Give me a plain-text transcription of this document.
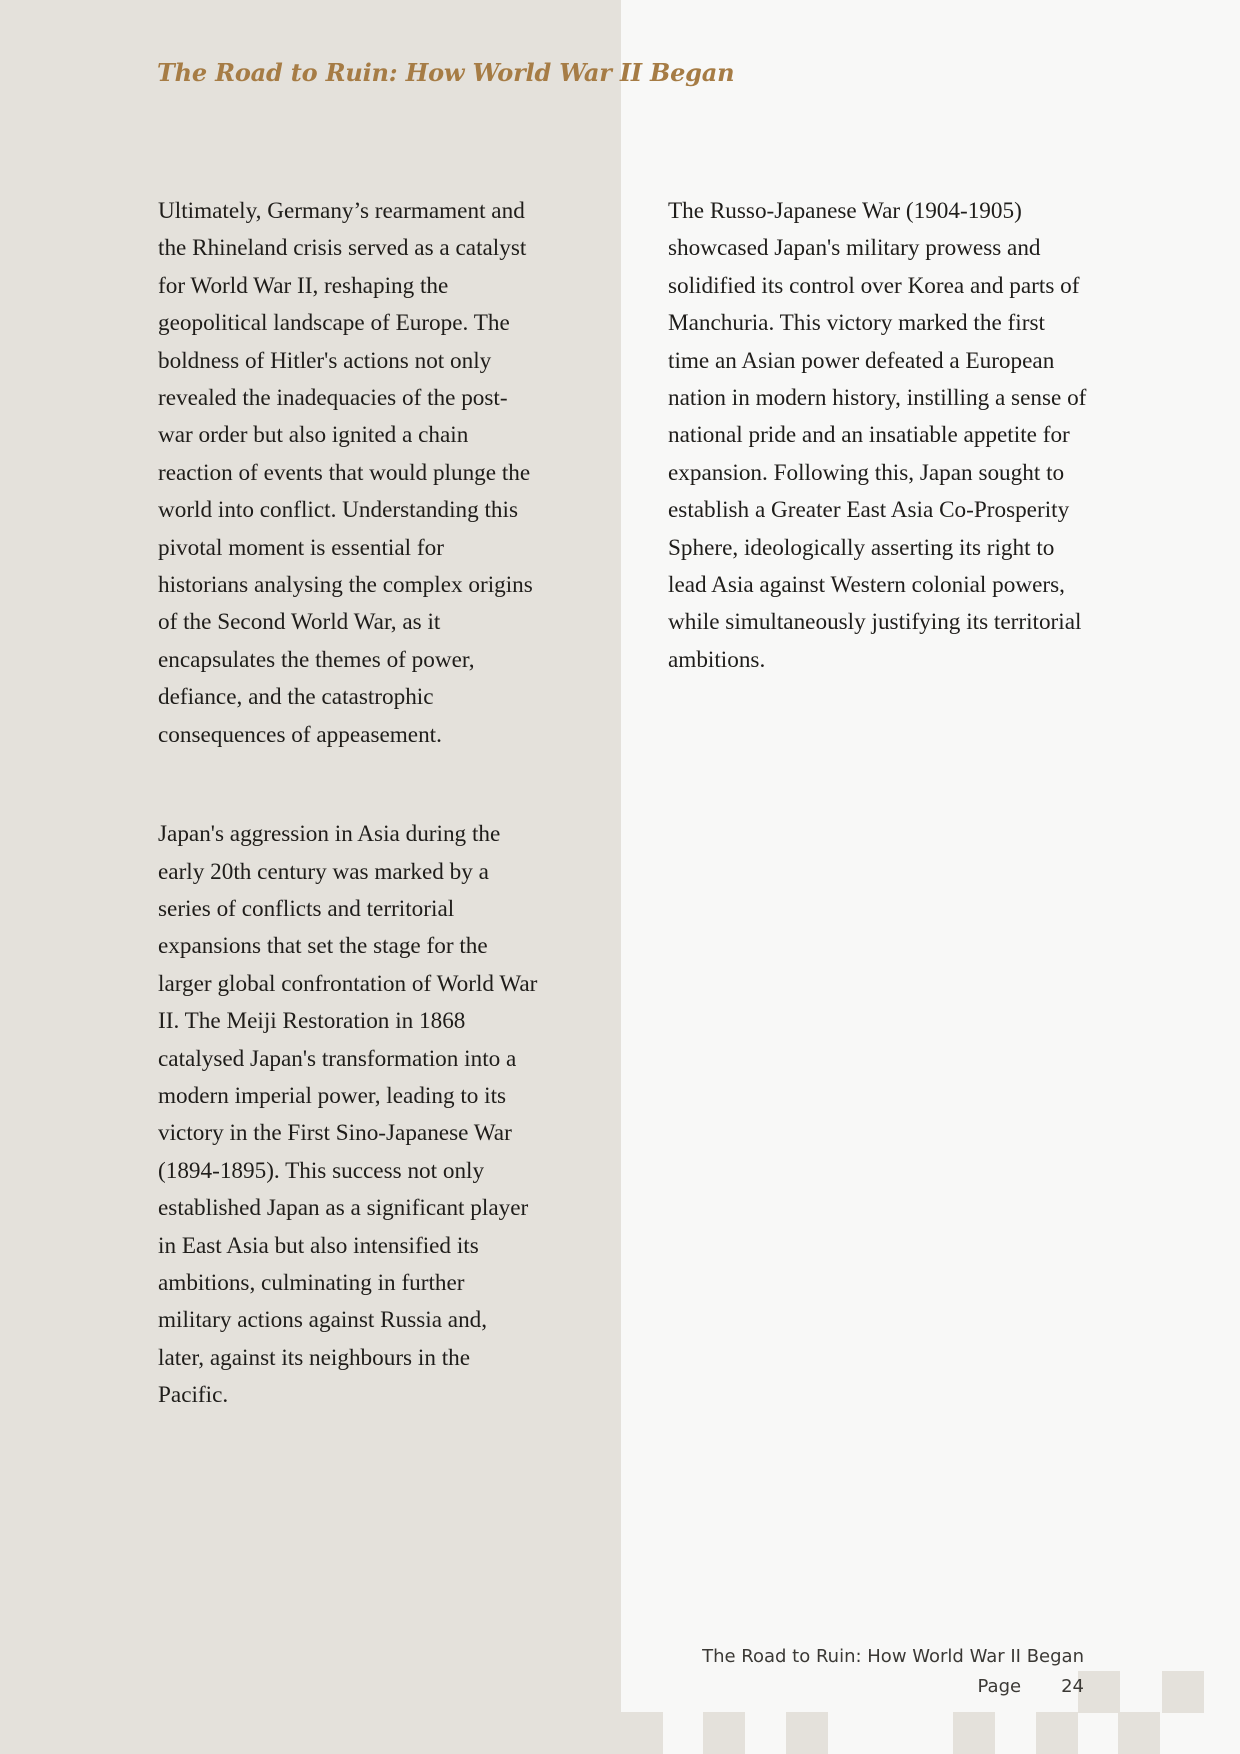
The Road to Ruin: How World War II Began

Ultimately, Germany’s rearmament and the Rhineland crisis served as a catalyst for World War II, reshaping the geopolitical landscape of Europe. The boldness of Hitler's actions not only revealed the inadequacies of the post-war order but also ignited a chain reaction of events that would plunge the world into conflict. Understanding this pivotal moment is essential for historians analysing the complex origins of the Second World War, as it encapsulates the themes of power, defiance, and the catastrophic consequences of appeasement.

Japan's aggression in Asia during the early 20th century was marked by a series of conflicts and territorial expansions that set the stage for the larger global confrontation of World War II. The Meiji Restoration in 1868 catalysed Japan's transformation into a modern imperial power, leading to its victory in the First Sino-Japanese War (1894-1895). This success not only established Japan as a significant player in East Asia but also intensified its ambitions, culminating in further military actions against Russia and, later, against its neighbours in the Pacific.

The Russo-Japanese War (1904-1905) showcased Japan's military prowess and solidified its control over Korea and parts of Manchuria. This victory marked the first time an Asian power defeated a European nation in modern history, instilling a sense of national pride and an insatiable appetite for expansion. Following this, Japan sought to establish a Greater East Asia Co-Prosperity Sphere, ideologically asserting its right to lead Asia against Western colonial powers, while simultaneously justifying its territorial ambitions.

The Road to Ruin: How World War II Began
Page 24
